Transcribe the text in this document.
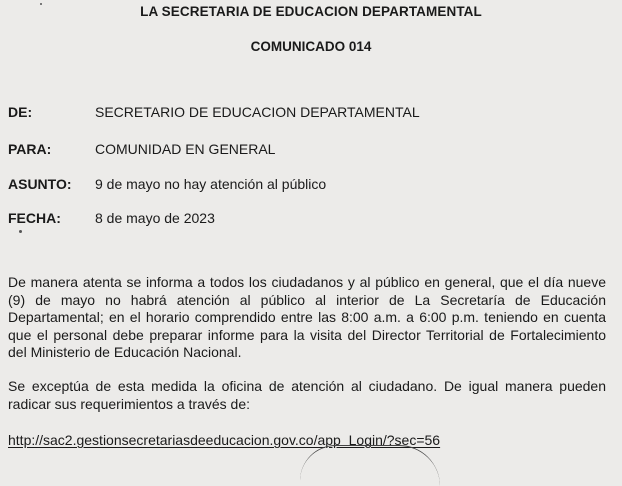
LA SECRETARIA DE EDUCACION DEPARTAMENTAL
COMUNICADO 014
DE:	SECRETARIO DE EDUCACION DEPARTAMENTAL
PARA:	COMUNIDAD EN GENERAL
ASUNTO: 9 de mayo no hay atención al público
FECHA: 8 de mayo de 2023
De manera atenta se informa a todos los ciudadanos y al público en general, que el día nueve (9) de mayo no habrá atención al público al interior de La Secretaría de Educación Departamental; en el horario comprendido entre las 8:00 a.m. a 6:00 p.m. teniendo en cuenta que el personal debe preparar informe para la visita del Director Territorial de Fortalecimiento del Ministerio de Educación Nacional.
Se exceptúa de esta medida la oficina de atención al ciudadano. De igual manera pueden radicar sus requerimientos a través de:
http://sac2.gestionsecretariasdeeducacion.gov.co/app_Login/?sec=56
